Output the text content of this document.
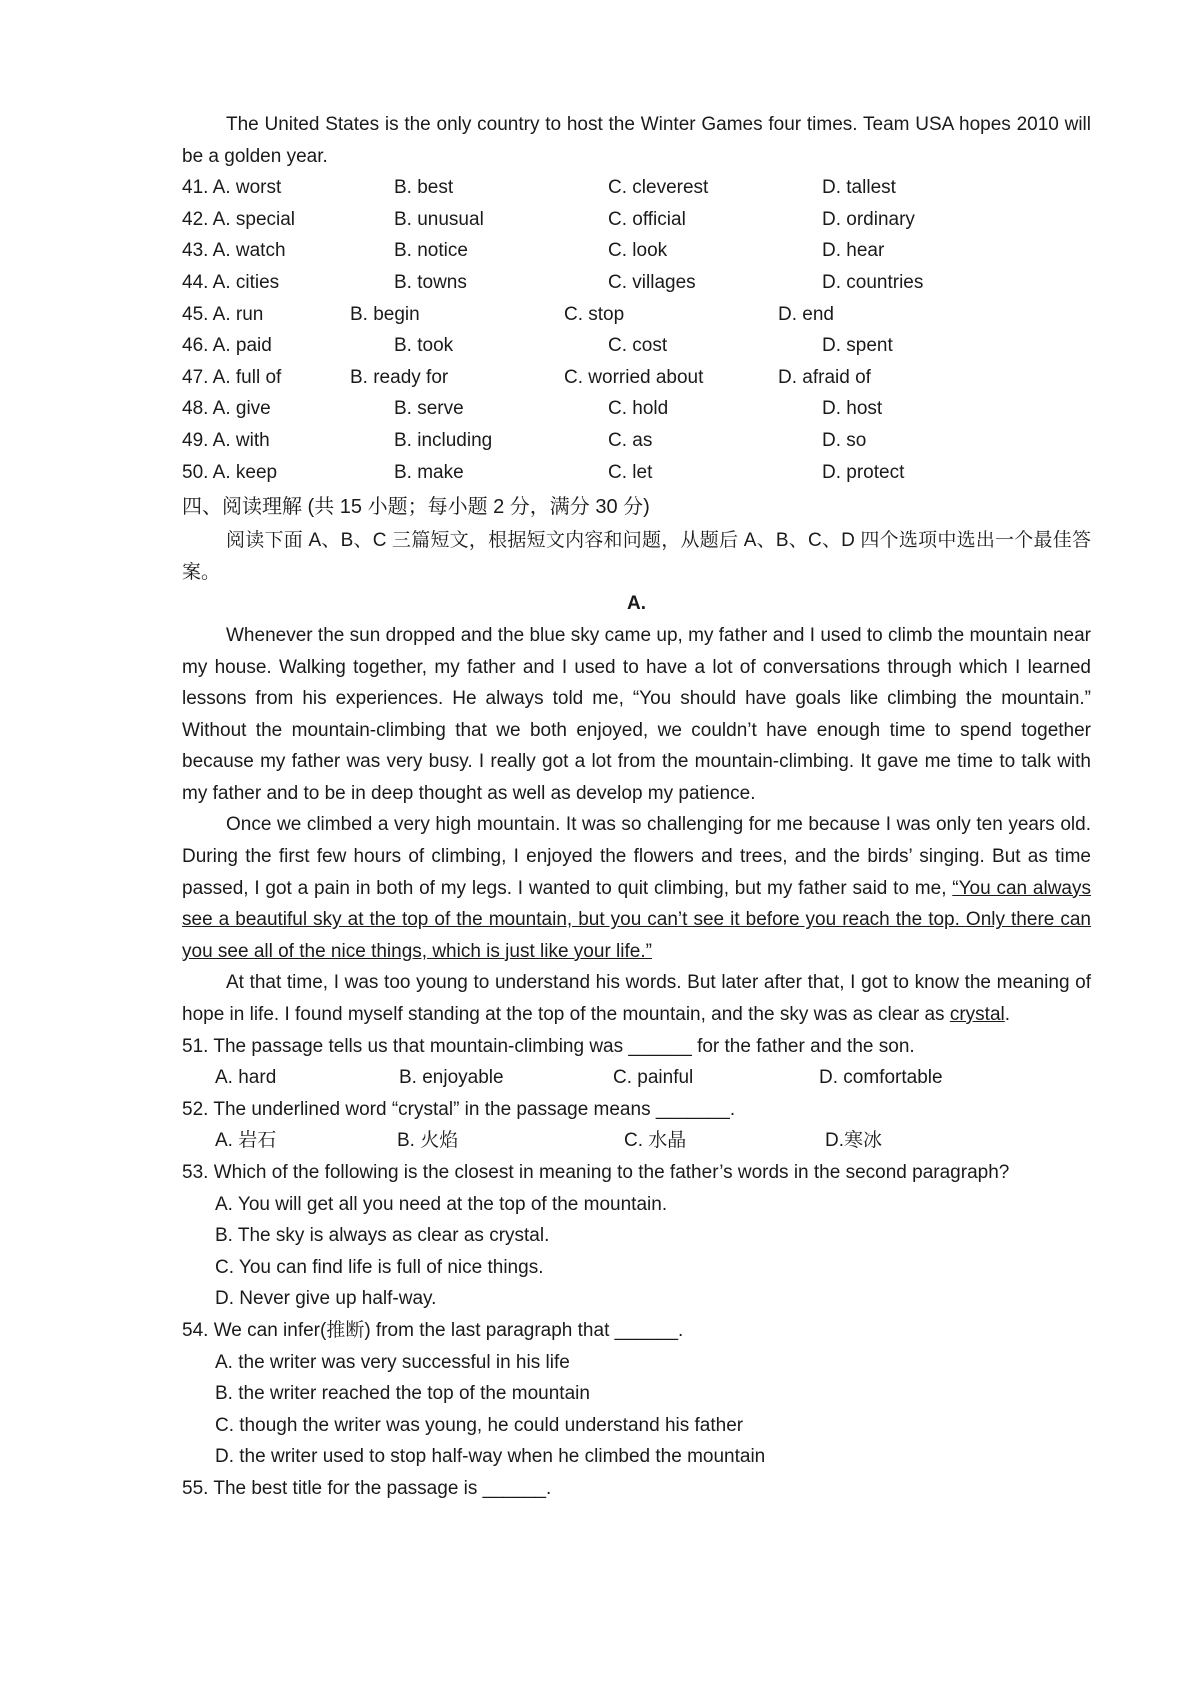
The United States is the only country to host the Winter Games four times. Team USA hopes 2010 will be a golden year.

41. A. worst	B. best	C. cleverest	D. tallest
42. A. special	B. unusual	C. official	D. ordinary
43. A. watch	B. notice	C. look	D. hear
44. A. cities	B. towns	C. villages	D. countries
45. A. run	B. begin	C. stop	D. end
46. A. paid	B. took	C. cost	D. spent
47. A. full of	B. ready for	C. worried about	D. afraid of
48. A. give	B. serve	C. hold	D. host
49. A. with	B. including	C. as	D. so
50. A. keep	B. make	C. let	D. protect
四、阅读理解 (共 15 小题；每小题 2 分，满分 30 分)

阅读下面 A、B、C 三篇短文，根据短文内容和问题，从题后 A、B、C、D 四个选项中选出一个最佳答案。

A.

Whenever the sun dropped and the blue sky came up, my father and I used to climb the mountain near my house. Walking together, my father and I used to have a lot of conversations through which I learned lessons from his experiences. He always told me, “You should have goals like climbing the mountain.” Without the mountain-climbing that we both enjoyed, we couldn’t have enough time to spend together because my father was very busy. I really got a lot from the mountain-climbing. It gave me time to talk with my father and to be in deep thought as well as develop my patience.

Once we climbed a very high mountain. It was so challenging for me because I was only ten years old. During the first few hours of climbing, I enjoyed the flowers and trees, and the birds’ singing. But as time passed, I got a pain in both of my legs. I wanted to quit climbing, but my father said to me, “You can always see a beautiful sky at the top of the mountain, but you can’t see it before you reach the top. Only there can you see all of the nice things, which is just like your life.”

At that time, I was too young to understand his words. But later after that, I got to know the meaning of hope in life. I found myself standing at the top of the mountain, and the sky was as clear as crystal.

51. The passage tells us that mountain-climbing was ______ for the father and the son.
A. hard	B. enjoyable	C. painful	D. comfortable
52. The underlined word “crystal” in the passage means _______.
A. 岩石	B. 火焰	C. 水晶	D.寒冰
53. Which of the following is the closest in meaning to the father’s words in the second paragraph?
A. You will get all you need at the top of the mountain.
B. The sky is always as clear as crystal.
C. You can find life is full of nice things.
D. Never give up half-way.
54. We can infer(推断) from the last paragraph that ______.
A. the writer was very successful in his life
B. the writer reached the top of the mountain
C. though the writer was young, he could understand his father
D. the writer used to stop half-way when he climbed the mountain
55. The best title for the passage is ______.
